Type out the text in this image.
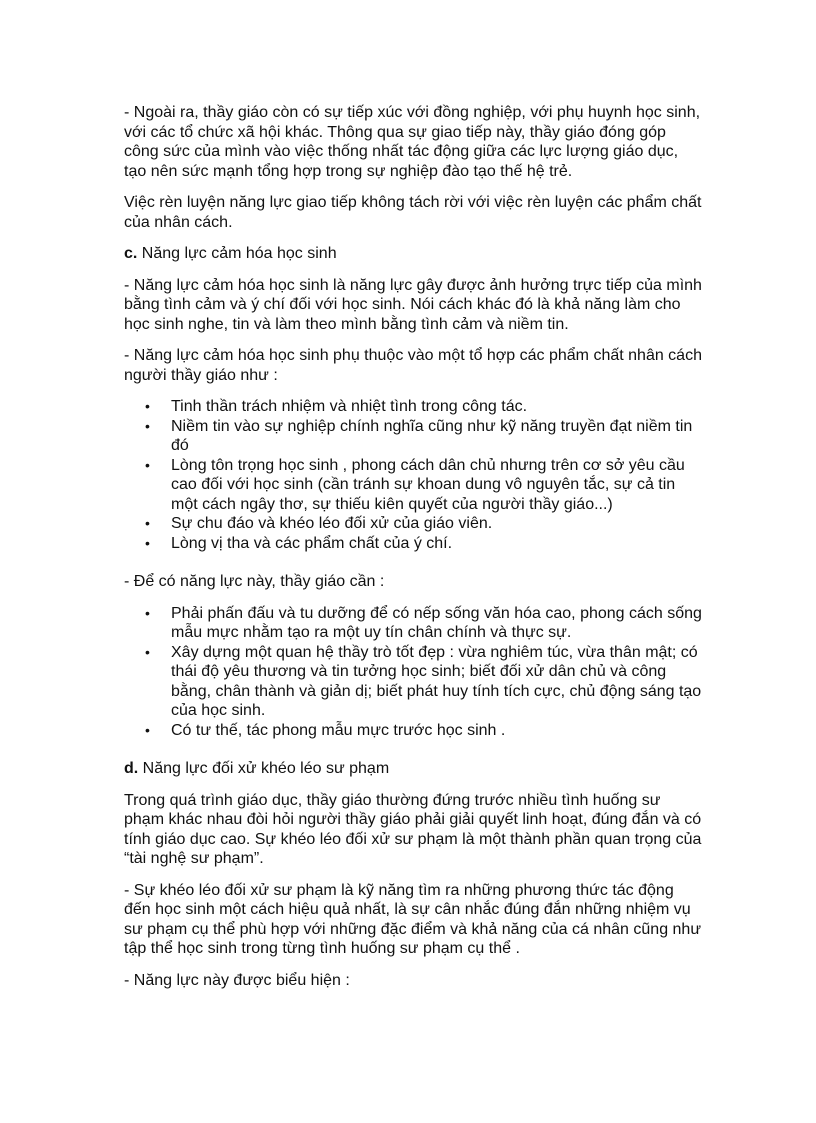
- Ngoài ra, thầy giáo còn có sự tiếp xúc với đồng nghiệp, với phụ huynh học sinh, với các tổ chức xã hội khác. Thông qua sự giao tiếp này, thầy giáo đóng góp công sức của mình vào việc thống nhất tác động giữa các lực lượng giáo dục, tạo nên sức mạnh tổng hợp trong sự nghiệp đào tạo thế hệ trẻ.

Việc rèn luyện năng lực giao tiếp không tách rời với việc rèn luyện các phẩm chất của nhân cách.

c. Năng lực cảm hóa học sinh

- Năng lực cảm hóa học sinh là năng lực gây được ảnh hưởng trực tiếp của mình bằng tình cảm và ý chí đối với học sinh. Nói cách khác đó là khả năng làm cho học sinh nghe, tin và làm theo mình bằng tình cảm và niềm tin.

- Năng lực cảm hóa học sinh phụ thuộc vào một tổ hợp các phẩm chất nhân cách người thầy giáo như :

• Tinh thần trách nhiệm và nhiệt tình trong công tác.
• Niềm tin vào sự nghiệp chính nghĩa cũng như kỹ năng truyền đạt niềm tin đó
• Lòng tôn trọng học sinh , phong cách dân chủ nhưng trên cơ sở yêu cầu cao đối với học sinh (cần tránh sự khoan dung vô nguyên tắc, sự cả tin một cách ngây thơ, sự thiếu kiên quyết của người thầy giáo...)
• Sự chu đáo và khéo léo đối xử của giáo viên.
• Lòng vị tha và các phẩm chất của ý chí.

- Để có năng lực này, thầy giáo cần :

• Phải phấn đấu và tu dưỡng để có nếp sống văn hóa cao, phong cách sống mẫu mực nhằm tạo ra một uy tín chân chính và thực sự.
• Xây dựng một quan hệ thầy trò tốt đẹp : vừa nghiêm túc, vừa thân mật; có thái độ yêu thương và tin tưởng học sinh; biết đối xử dân chủ và công bằng, chân thành và giản dị; biết phát huy tính tích cực, chủ động sáng tạo của học sinh.
• Có tư thế, tác phong mẫu mực trước học sinh .

d. Năng lực đối xử khéo léo sư phạm

Trong quá trình giáo dục, thầy giáo thường đứng trước nhiều tình huống sư phạm khác nhau đòi hỏi người thầy giáo phải giải quyết linh hoạt, đúng đắn và có tính giáo dục cao. Sự khéo léo đối xử sư phạm là một thành phần quan trọng của “tài nghệ sư phạm”.

- Sự khéo léo đối xử sư phạm là kỹ năng tìm ra những phương thức tác động đến học sinh một cách hiệu quả nhất, là sự cân nhắc đúng đắn những nhiệm vụ sư phạm cụ thể phù hợp với những đặc điểm và khả năng của cá nhân cũng như tập thể học sinh trong từng tình huống sư phạm cụ thể .

- Năng lực này được biểu hiện :
